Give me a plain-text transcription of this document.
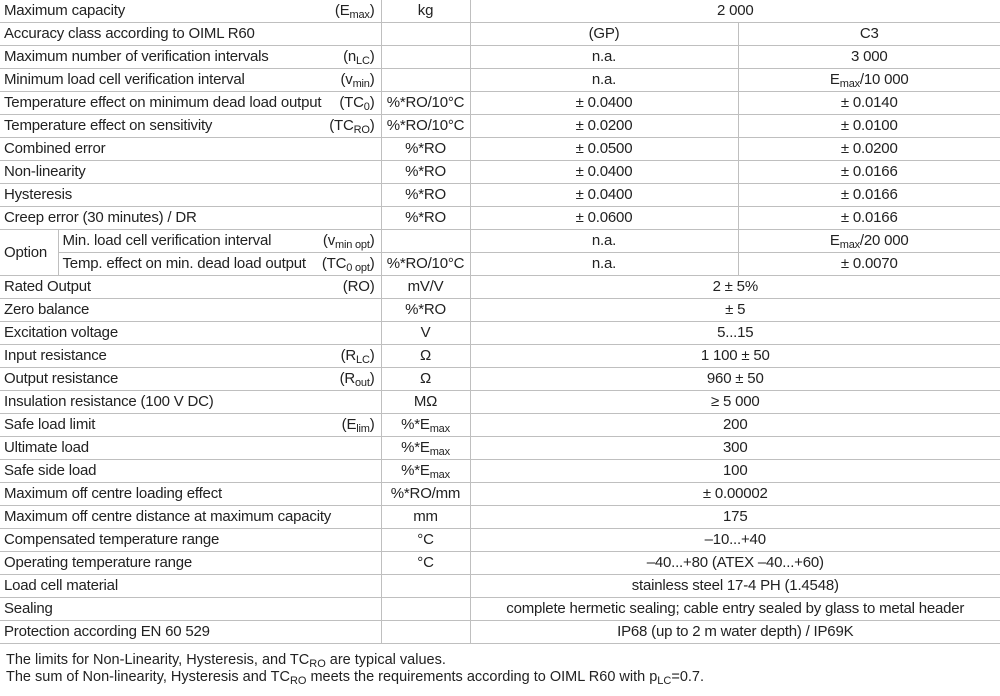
Maximum capacity $(E_{max})$		kg	2 000	

Accuracy class according to OIML R60			(GP)	C3

Maximum number of verification intervals $(n_{LC})$			n.a.	3 000

Minimum load cell verification interval $(v_{min})$			n.a.	$E_{max}/10$ 000

Temperature effect on minimum dead load output $(TC_0)$		%*RO/10°C	± 0.0400	± 0.0140

Temperature effect on sensitivity $(TC_{RO})$		%*RO/10°C	± 0.0200	± 0.0100

Combined error		%*RO	± 0.0500	± 0.0200

Non-linearity		%*RO	± 0.0400	± 0.0166

Hysteresis		%*RO	± 0.0400	± 0.0166

Creep error (30 minutes) / DR		%*RO	± 0.0600	± 0.0166
Option	Min. load cell verification interval $(v_{min opt})$		n.a.	$E_{max}/20$ 000

	Temp. effect on min. dead load output $(TC_{0 opt})$	%*RO/10°C	n.a.	± 0.0070

Rated Output (RO)		mV/V	2 ± 5%	

Zero balance		%*RO	± 5	

Excitation voltage		V	5...15	

Input resistance $(R_{LC})$		Ω	1 100 ± 50	

Output resistance $(R_{out})$		Ω	960 ± 50	

Insulation resistance (100 V DC)		MΩ	≥ 5 000	

Safe load limit $(E_{lim})$		$\%*E_{max}$	200	

Ultimate load		$\%*E_{max}$	300	

Safe side load		$\%*E_{max}$	100	

Maximum off centre loading effect		%*RO/mm	± 0.00002	

Maximum off centre distance at maximum capacity		mm	175	

Compensated temperature range		°C	–10...+40	

Operating temperature range		°C	–40...+80 (ATEX –40...+60)	

Load cell material			stainless steel 17-4 PH (1.4548)	

Sealing			complete hermetic sealing; cable entry sealed by glass to metal header	

Protection according EN 60 529			IP68 (up to 2 m water depth) / IP69K	
The limits for Non-Linearity, Hysteresis, and $TC_{RO}$ are typical values.
The sum of Non-linearity, Hysteresis and $TC_{RO}$ meets the requirements according to OIML R60 with $p_{LC}=0.7$.
